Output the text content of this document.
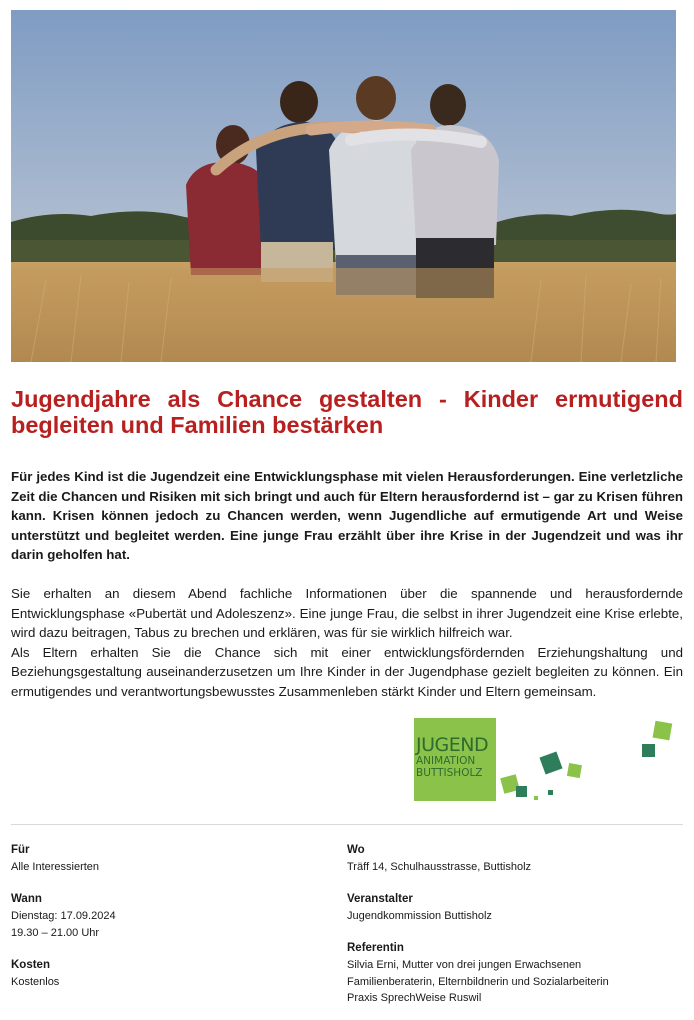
Jugendjahre als Chance gestalten - Kinder ermutigend begleiten und Familien bestärken

Für jedes Kind ist die Jugendzeit eine Entwicklungsphase mit vielen Herausforderungen. Eine verletzliche Zeit die Chancen und Risiken mit sich bringt und auch für Eltern herausfordernd ist – gar zu Krisen führen kann. Krisen können jedoch zu Chancen werden, wenn Jugendliche auf ermutigende Art und Weise unterstützt und begleitet werden. Eine junge Frau erzählt über ihre Krise in der Jugendzeit und was ihr darin geholfen hat.

Sie erhalten an diesem Abend fachliche Informationen über die spannende und herausfordernde Entwicklungsphase «Pubertät und Adoleszenz». Eine junge Frau, die selbst in ihrer Jugendzeit eine Krise erlebte, wird dazu beitragen, Tabus zu brechen und erklären, was für sie wirklich hilfreich war.

Als Eltern erhalten Sie die Chance sich mit einer entwicklungsfördernden Erziehungshaltung und Beziehungsgestaltung auseinanderzusetzen um Ihre Kinder in der Jugendphase gezielt begleiten zu können. Ein ermutigendes und verantwortungsbewusstes Zusammenleben stärkt Kinder und Eltern gemeinsam.

JUGEND
ANIMATION
BUTTISHOLZ
Für
Alle Interessierten
Wann
Dienstag: 17.09.2024
19.30 – 21.00 Uhr
Kosten
Kostenlos
Wo
Träff 14, Schulhausstrasse, Buttisholz
Veranstalter
Jugendkommission Buttisholz
Referentin
Silvia Erni, Mutter von drei jungen Erwachsenen
Familienberaterin, Elternbildnerin und Sozialarbeiterin
Praxis SprechWeise Ruswil
